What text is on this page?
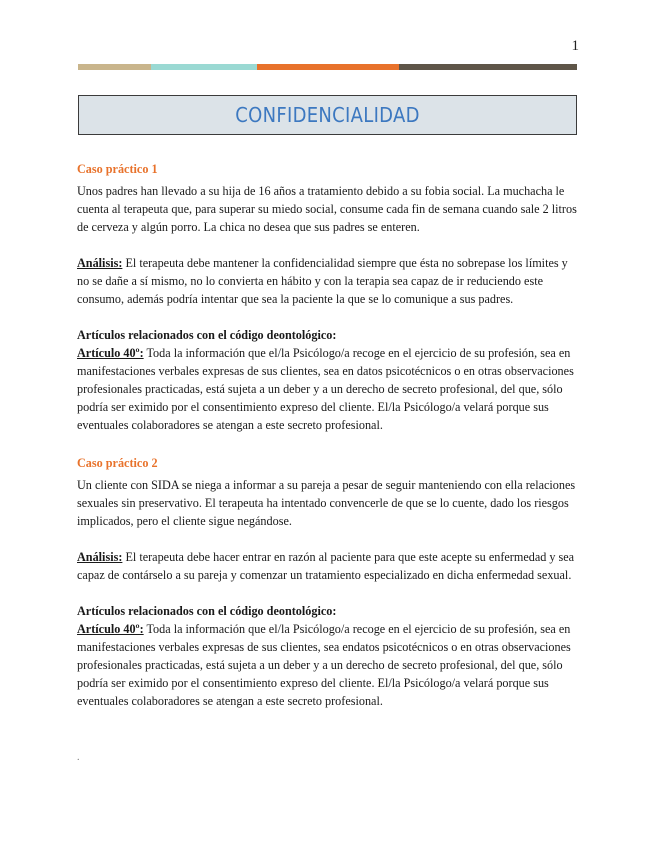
1
CONFIDENCIALIDAD

Caso práctico 1

Unos padres han llevado a su hija de 16 años a tratamiento debido a su fobia social. La muchacha le cuenta al terapeuta que, para superar su miedo social, consume cada fin de semana cuando sale 2 litros de cerveza y algún porro. La chica no desea que sus padres se enteren.

Análisis: El terapeuta debe mantener la confidencialidad siempre que ésta no sobrepase los límites y no se dañe a sí mismo, no lo convierta en hábito y con la terapia sea capaz de ir reduciendo este consumo, además podría intentar que sea la paciente la que se lo comunique a sus padres.

Artículos relacionados con el código deontológico:

Artículo 40º: Toda la información que el/la Psicólogo/a recoge en el ejercicio de su profesión, sea en manifestaciones verbales expresas de sus clientes, sea en datos psicotécnicos o en otras observaciones profesionales practicadas, está sujeta a un deber y a un derecho de secreto profesional, del que, sólo podría ser eximido por el consentimiento expreso del cliente. El/la Psicólogo/a velará porque sus eventuales colaboradores se atengan a este secreto profesional.

Caso práctico 2

Un cliente con SIDA se niega a informar a su pareja a pesar de seguir manteniendo con ella relaciones sexuales sin preservativo. El terapeuta ha intentado convencerle de que se lo cuente, dado los riesgos implicados, pero el cliente sigue negándose.

Análisis: El terapeuta debe hacer entrar en razón al paciente para que este acepte su enfermedad y sea capaz de contárselo a su pareja y comenzar un tratamiento especializado en dicha enfermedad sexual.

Artículos relacionados con el código deontológico:

Artículo 40º: Toda la información que el/la Psicólogo/a recoge en el ejercicio de su profesión, sea en manifestaciones verbales expresas de sus clientes, sea endatos psicotécnicos o en otras observaciones profesionales practicadas, está sujeta a un deber y a un derecho de secreto profesional, del que, sólo podría ser eximido por el consentimiento expreso del cliente. El/la Psicólogo/a velará porque sus eventuales colaboradores se atengan a este secreto profesional.

.
